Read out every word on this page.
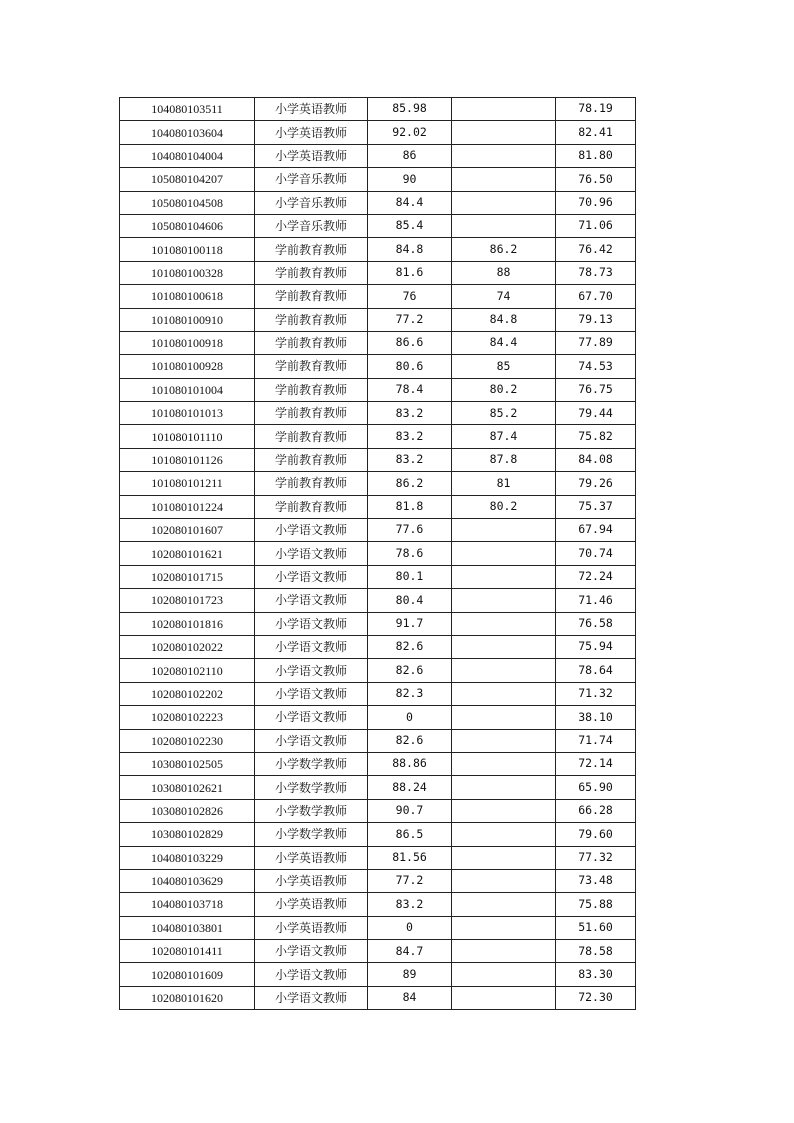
104080103511	小学英语教师	85.98		78.19
104080103604	小学英语教师	92.02		82.41
104080104004	小学英语教师	86		81.80
105080104207	小学音乐教师	90		76.50
105080104508	小学音乐教师	84.4		70.96
105080104606	小学音乐教师	85.4		71.06
101080100118	学前教育教师	84.8	86.2	76.42
101080100328	学前教育教师	81.6	88	78.73
101080100618	学前教育教师	76	74	67.70
101080100910	学前教育教师	77.2	84.8	79.13
101080100918	学前教育教师	86.6	84.4	77.89
101080100928	学前教育教师	80.6	85	74.53
101080101004	学前教育教师	78.4	80.2	76.75
101080101013	学前教育教师	83.2	85.2	79.44
101080101110	学前教育教师	83.2	87.4	75.82
101080101126	学前教育教师	83.2	87.8	84.08
101080101211	学前教育教师	86.2	81	79.26
101080101224	学前教育教师	81.8	80.2	75.37
102080101607	小学语文教师	77.6		67.94
102080101621	小学语文教师	78.6		70.74
102080101715	小学语文教师	80.1		72.24
102080101723	小学语文教师	80.4		71.46
102080101816	小学语文教师	91.7		76.58
102080102022	小学语文教师	82.6		75.94
102080102110	小学语文教师	82.6		78.64
102080102202	小学语文教师	82.3		71.32
102080102223	小学语文教师	0		38.10
102080102230	小学语文教师	82.6		71.74
103080102505	小学数学教师	88.86		72.14
103080102621	小学数学教师	88.24		65.90
103080102826	小学数学教师	90.7		66.28
103080102829	小学数学教师	86.5		79.60
104080103229	小学英语教师	81.56		77.32
104080103629	小学英语教师	77.2		73.48
104080103718	小学英语教师	83.2		75.88
104080103801	小学英语教师	0		51.60
102080101411	小学语文教师	84.7		78.58
102080101609	小学语文教师	89		83.30
102080101620	小学语文教师	84		72.30
